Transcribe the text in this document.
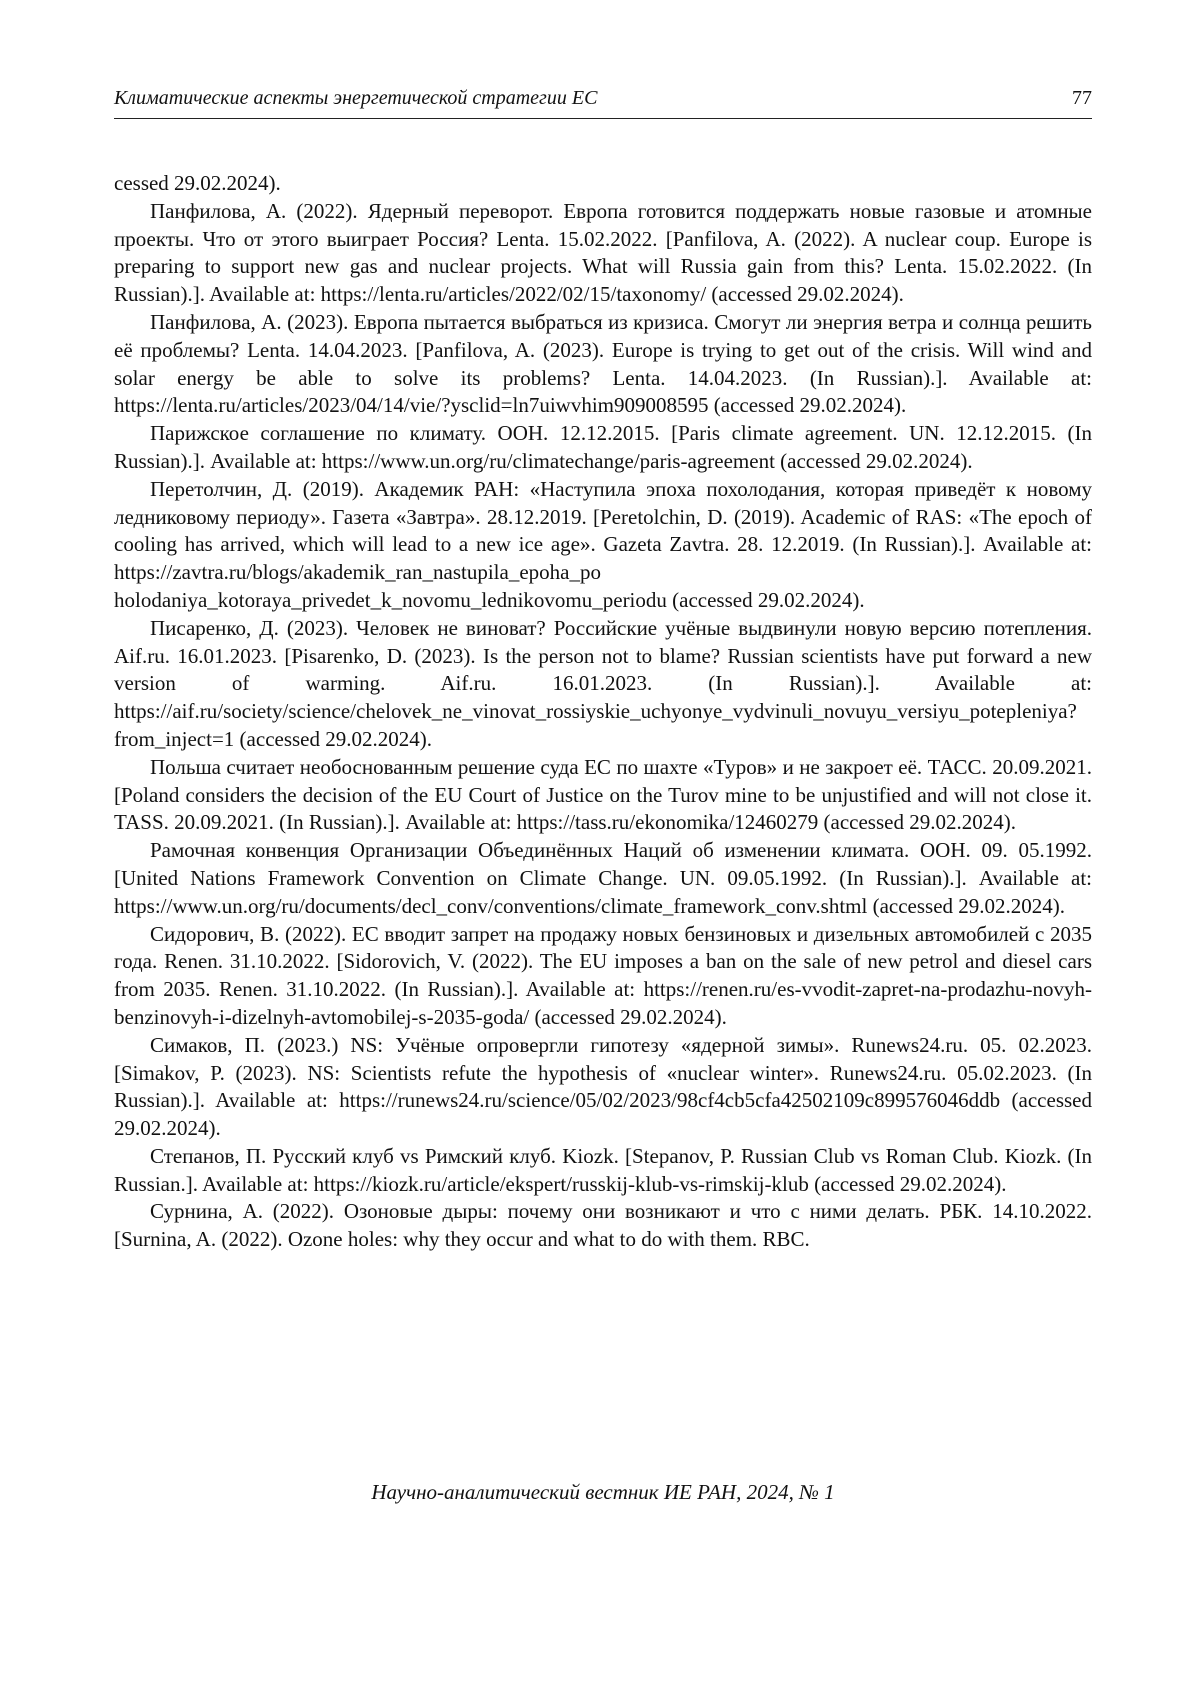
Климатические аспекты энергетической стратегии ЕС	77

cessed 29.02.2024).

Панфилова, А. (2022). Ядерный переворот. Европа готовится поддержать новые газовые и атомные проекты. Что от этого выиграет Россия? Lenta. 15.02.2022. [Panfilova, A. (2022). A nuclear coup. Europe is preparing to support new gas and nuclear projects. What will Russia gain from this? Lenta. 15.02.2022. (In Russian).]. Available at: https://lenta.ru/articles/2022/02/15/taxonomy/ (accessed 29.02.2024).

Панфилова, А. (2023). Европа пытается выбраться из кризиса. Смогут ли энергия ветра и солнца решить её проблемы? Lenta. 14.04.2023. [Panfilova, A. (2023). Europe is trying to get out of the crisis. Will wind and solar energy be able to solve its problems? Lenta. 14.04.2023. (In Russian).]. Available at: https://lenta.ru/articles/2023/04/14/vie/?ysclid=ln7uiwvhim909008595 (accessed 29.02.2024).

Парижское соглашение по климату. ООН. 12.12.2015. [Paris climate agreement. UN. 12.12.2015. (In Russian).]. Available at: https://www.un.org/ru/climatechange/paris-agreement (accessed 29.02.2024).

Перетолчин, Д. (2019). Академик РАН: «Наступила эпоха похолодания, которая приведёт к новому ледниковому периоду». Газета «Завтра». 28.12.2019. [Peretolchin, D. (2019). Academic of RAS: «The epoch of cooling has arrived, which will lead to a new ice age». Gazeta Zavtra. 28. 12.2019. (In Russian).]. Available at: https://zavtra.ru/blogs/akademik_ran_nastupila_epoha_po​holodaniya_kotoraya_privedet_k_novomu_lednikovomu_periodu (accessed 29.02.2024).

Писаренко, Д. (2023). Человек не виноват? Российские учёные выдвинули новую версию потепления. Aif.ru. 16.01.2023. [Pisarenko, D. (2023). Is the person not to blame? Russian scientists have put forward a new version of warming. Aif.ru. 16.01.2023. (In Russian).]. Available at: https://aif.ru/society/science/chelovek_ne_vinovat_rossiyskie_uchyonye_vydvinuli_novuyu_versiy​u_potepleniya?from_inject=1 (accessed 29.02.2024).

Польша считает необоснованным решение суда ЕС по шахте «Туров» и не закроет её. ТАСС. 20.09.2021. [Poland considers the decision of the EU Court of Justice on the Turov mine to be unjustified and will not close it. TASS. 20.09.2021. (In Russian).]. Available at: https://tass.ru/ekonomika/12460279 (accessed 29.02.2024).

Рамочная конвенция Организации Объединённых Наций об изменении климата. ООН. 09. 05.1992. [United Nations Framework Convention on Climate Change. UN. 09.05.1992. (In Russian).]. Available at: https://www.un.org/ru/documents/decl_conv/conventions/climate_framework_​conv.shtml (accessed 29.02.2024).

Сидорович, В. (2022). ЕС вводит запрет на продажу новых бензиновых и дизельных автомобилей с 2035 года. Renen. 31.10.2022. [Sidorovich, V. (2022). The EU imposes a ban on the sale of new petrol and diesel cars from 2035. Renen. 31.10.2022. (In Russian).]. Available at: https://renen.ru/es-vvodit-zapret-na-prodazhu-novyh-benzinovyh-i-dizelnyh-avtomobilej-s-2035-​goda/ (accessed 29.02.2024).

Симаков, П. (2023.) NS: Учёные опровергли гипотезу «ядерной зимы». Runews24.ru. 05. 02.2023. [Simakov, P. (2023). NS: Scientists refute the hypothesis of «nuclear winter». Runews24.ru. 05.02.2023. (In Russian).]. Available at: https://runews24.ru/science/05/02/2023/​98cf4cb5cfa42502109c899576046ddb (accessed 29.02.2024).

Степанов, П. Русский клуб vs Римский клуб. Kiozk. [Stepanov, P. Russian Club vs Roman Club. Kiozk. (In Russian.]. Available at: https://kiozk.ru/article/ekspert/russkij-klub-vs-rimskij-klub (accessed 29.02.2024).

Сурнина, А. (2022). Озоновые дыры: почему они возникают и что с ними делать. РБК. 14.10.2022. [Surnina, A. (2022). Ozone holes: why they occur and what to do with them. RBC.

Научно-аналитический вестник ИЕ РАН, 2024, № 1
